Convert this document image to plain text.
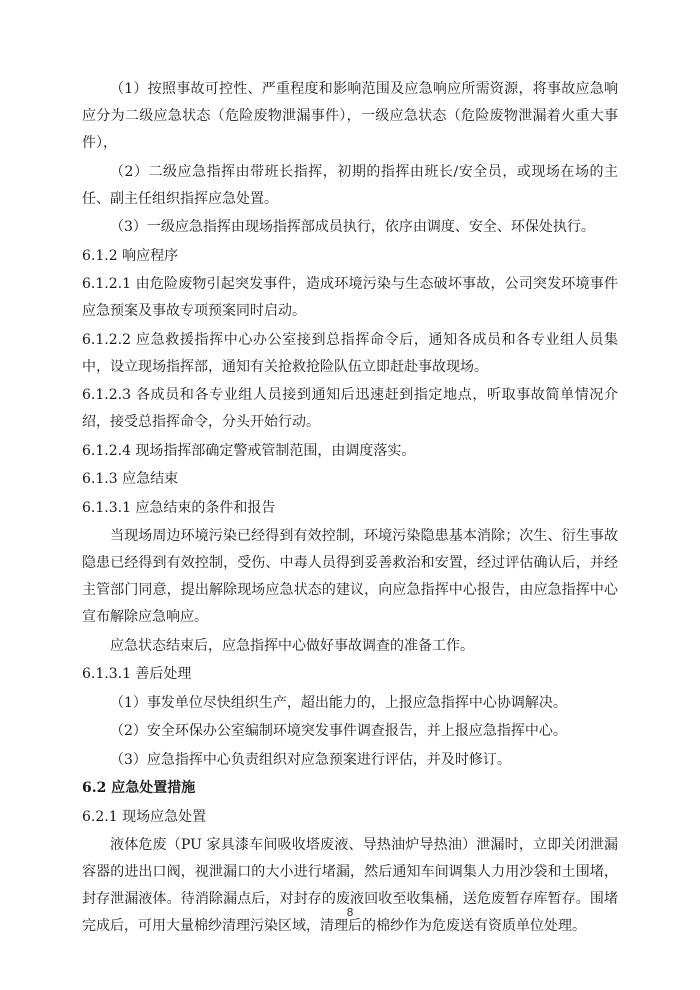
（1）按照事故可控性、严重程度和影响范围及应急响应所需资源，将事故应急响应分为二级应急状态（危险废物泄漏事件），一级应急状态（危险废物泄漏着火重大事件），

（2）二级应急指挥由带班长指挥，初期的指挥由班长/安全员，或现场在场的主任、副主任组织指挥应急处置。

（3）一级应急指挥由现场指挥部成员执行，依序由调度、安全、环保处执行。

6.1.2 响应程序

6.1.2.1 由危险废物引起突发事件，造成环境污染与生态破坏事故，公司突发环境事件应急预案及事故专项预案同时启动。

6.1.2.2 应急救援指挥中心办公室接到总指挥命令后，通知各成员和各专业组人员集中，设立现场指挥部，通知有关抢救抢险队伍立即赶赴事故现场。

6.1.2.3 各成员和各专业组人员接到通知后迅速赶到指定地点，听取事故简单情况介绍，接受总指挥命令，分头开始行动。

6.1.2.4 现场指挥部确定警戒管制范围，由调度落实。

6.1.3 应急结束

6.1.3.1 应急结束的条件和报告

当现场周边环境污染已经得到有效控制，环境污染隐患基本消除；次生、衍生事故隐患已经得到有效控制，受伤、中毒人员得到妥善救治和安置，经过评估确认后，并经主管部门同意，提出解除现场应急状态的建议，向应急指挥中心报告，由应急指挥中心宣布解除应急响应。

应急状态结束后，应急指挥中心做好事故调查的准备工作。

6.1.3.1 善后处理

（1）事发单位尽快组织生产，超出能力的，上报应急指挥中心协调解决。

（2）安全环保办公室编制环境突发事件调查报告，并上报应急指挥中心。

（3）应急指挥中心负责组织对应急预案进行评估，并及时修订。

6.2 应急处置措施

6.2.1 现场应急处置

液体危废（PU 家具漆车间吸收塔废液、导热油炉导热油）泄漏时，立即关闭泄漏容器的进出口阀，视泄漏口的大小进行堵漏，然后通知车间调集人力用沙袋和土围堵，封存泄漏液体。待消除漏点后，对封存的废液回收至收集桶，送危废暂存库暂存。围堵完成后，可用大量棉纱清理污染区域，清理后的棉纱作为危废送有资质单位处理。

8
